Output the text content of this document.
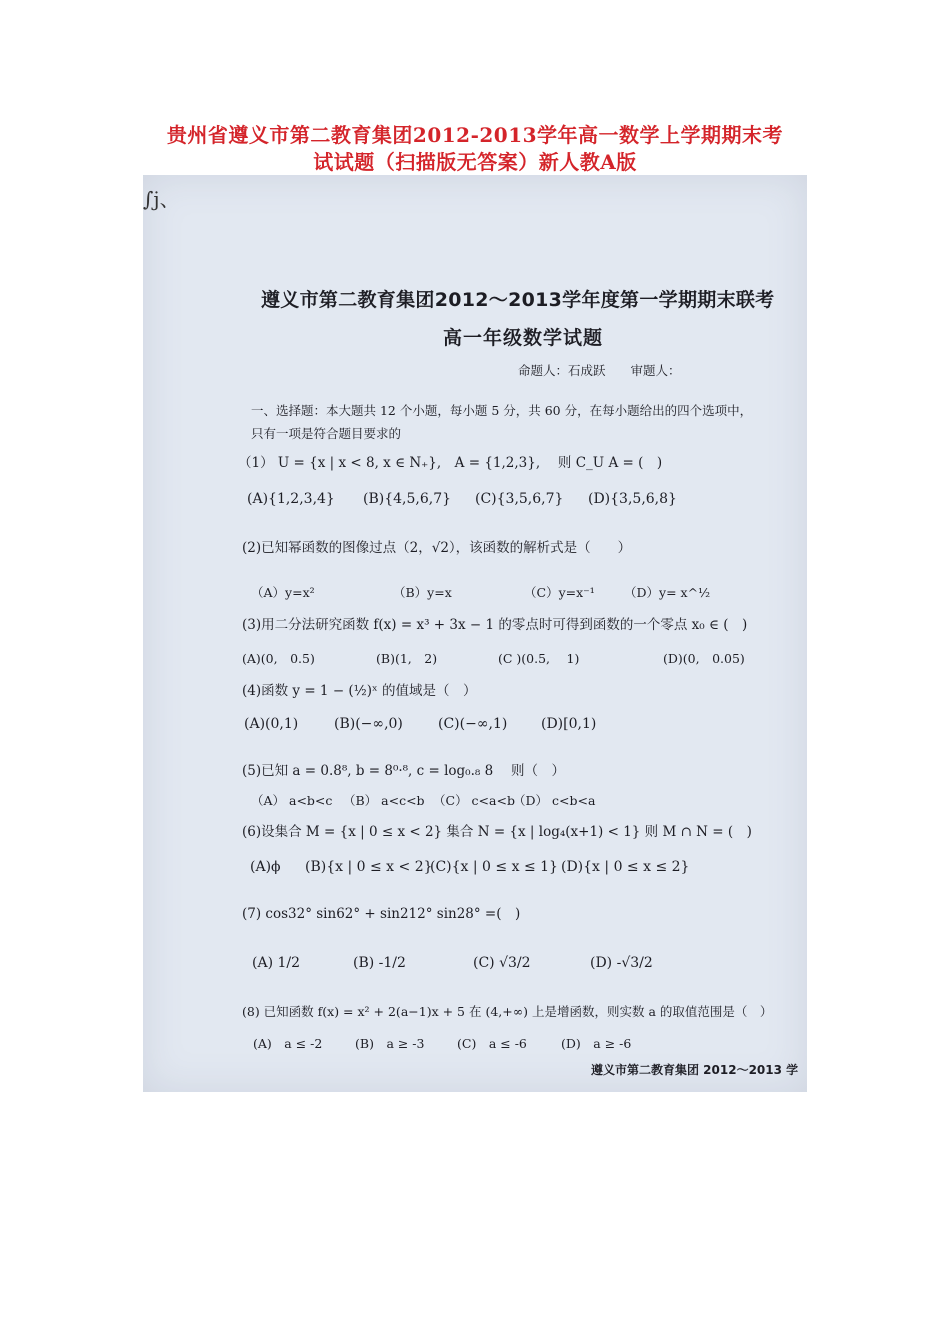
贵州省遵义市第二教育集团2012-2013学年高一数学上学期期末考
试试题（扫描版无答案）新人教A版
∫j、
遵义市第二教育集团2012～2013学年度第一学期期末联考
高一年级数学试题
命题人：石成跃　　审题人：
一、选择题：本大题共 12 个小题，每小题 5 分，共 60 分，在每小题给出的四个选项中，
只有一项是符合题目要求的
（1） U = {x | x < 8, x ∈ N₊},　A = {1,2,3},　 则 C_U A = (　)
(A){1,2,3,4} (B){4,5,6,7} (C){3,5,6,7} (D){3,5,6,8}
(2)已知幂函数的图像过点（2，√2），该函数的解析式是（　　）
（A）y=x²	（B）y=x	（C）y=x⁻¹ （D）y= x^½
(3)用二分法研究函数 f(x) = x³ + 3x − 1 的零点时可得到函数的一个零点 x₀ ∈ (　)
(A)(0,　0.5)	(B)(1,　2)	(C )(0.5,　 1)	(D)(0,　0.05)
(4)函数 y = 1 − (½)ˣ 的值域是（　）
(A)(0,1)	(B)(−∞,0)	(C)(−∞,1) (D)[0,1)
(5)已知 a = 0.8⁸, b = 8⁰·⁸, c = log₀.₈ 8　 则（　）
（A） a<b<c （B） a<c<b （C） c<a<b
（D） c<b<a
(6)设集合 M = {x | 0 ≤ x < 2} 集合 N = {x | log₄(x+1) < 1} 则 M ∩ N = (　)
(A)ϕ (B){x | 0 ≤ x < 2}
(C){x | 0 ≤ x ≤ 1} (D){x | 0 ≤ x ≤ 2}
(7) cos32° sin62° + sin212° sin28° =(　)
(A) 1/2	(B) -1/2	(C) √3/2	(D) -√3/2
(8) 已知函数 f(x) = x² + 2(a−1)x + 5 在 (4,+∞) 上是增函数，则实数 a 的取值范围是（　）
(A)　a ≤ -2	(B)　a ≥ -3	(C)　a ≤ -6	(D)　a ≥ -6
遵义市第二教育集团 2012～2013 学
